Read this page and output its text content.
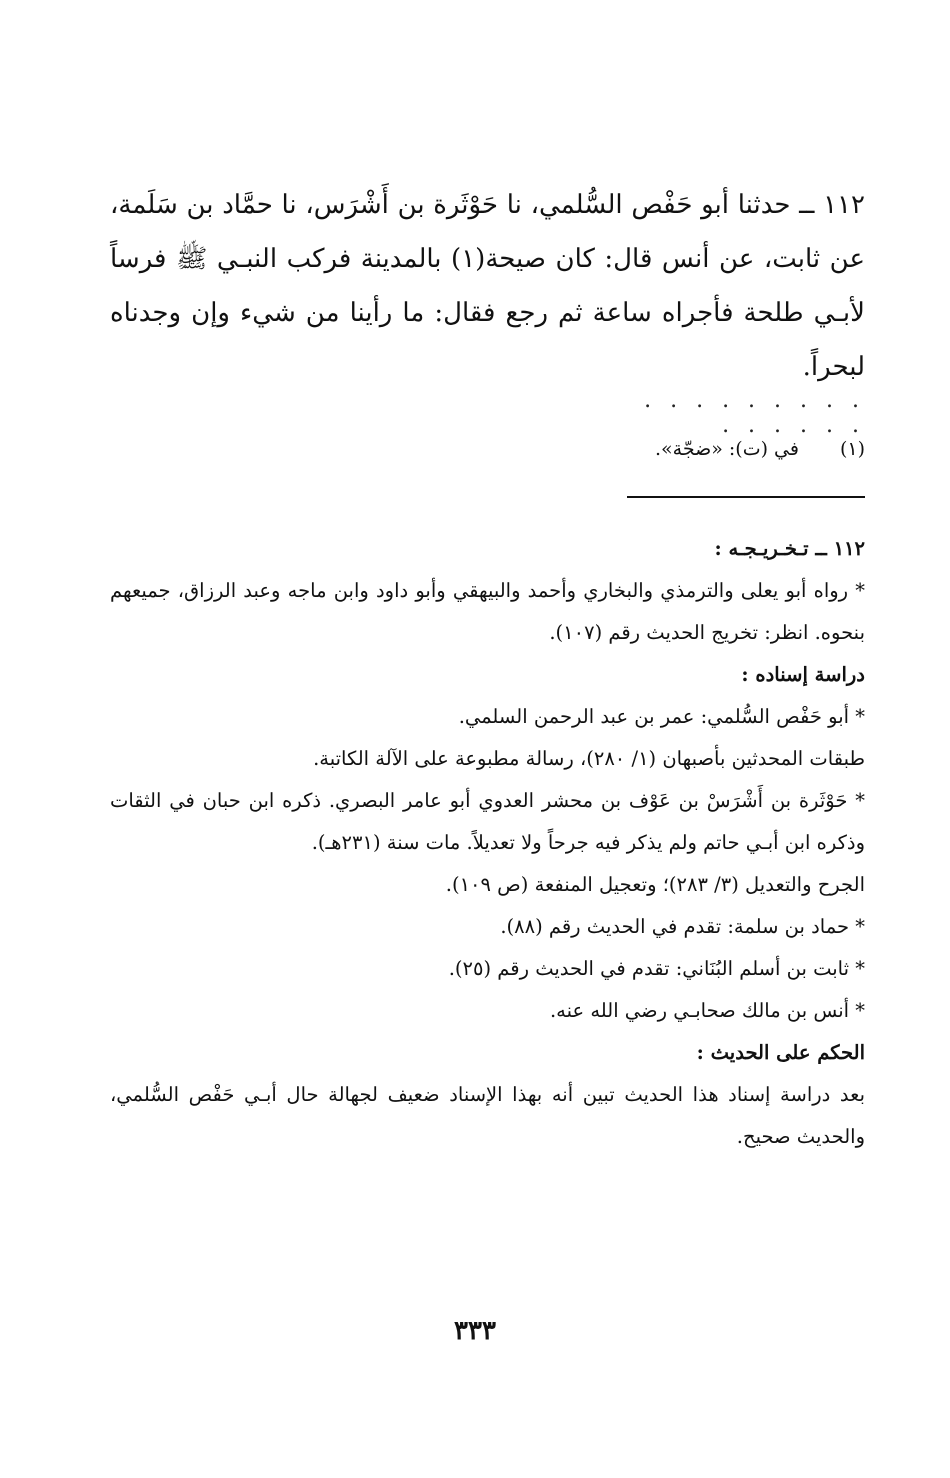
١١٢ ــ حدثنا أبو حَفْص السُّلمي، نا حَوْثَرة بن أَشْرَس، نا حمَّاد بن سَلَمة، عن ثابت، عن أنس قال: كان صيحة(١) بالمدينة فركب النبـي ﷺ فرساً لأبـي طلحة فأجراه ساعة ثم رجع فقال: ما رأينا من شيء وإن وجدناه لبحراً.
. . . . . . . . . . . . . . .
(١) في (ت): «ضجّة».

١١٢ ــ تـخـريـجـه :

* رواه أبو يعلى والترمذي والبخاري وأحمد والبيهقي وأبو داود وابن ماجه وعبد الرزاق، جميعهم بنحوه. انظر: تخريج الحديث رقم (١٠٧).

دراسة إسناده :

* أبو حَفْص السُّلمي: عمر بن عبد الرحمن السلمي.

طبقات المحدثين بأصبهان (١/ ٢٨٠)، رسالة مطبوعة على الآلة الكاتبة.

* حَوْثَرة بن أَشْرَسْ بن عَوْف بن محشر العدوي أبو عامر البصري. ذكره ابن حبان في الثقات وذكره ابن أبـي حاتم ولم يذكر فيه جرحاً ولا تعديلاً. مات سنة (٢٣١هـ).

الجرح والتعديل (٣/ ٢٨٣)؛ وتعجيل المنفعة (ص ١٠٩).

* حماد بن سلمة: تقدم في الحديث رقم (٨٨).

* ثابت بن أسلم البُنَاني: تقدم في الحديث رقم (٢٥).

* أنس بن مالك صحابـي رضي الله عنه.

الحكم على الحديث :

بعد دراسة إسناد هذا الحديث تبين أنه بهذا الإسناد ضعيف لجهالة حال أبـي حَفْص السُّلمي، والحديث صحيح.

٣٣٣
